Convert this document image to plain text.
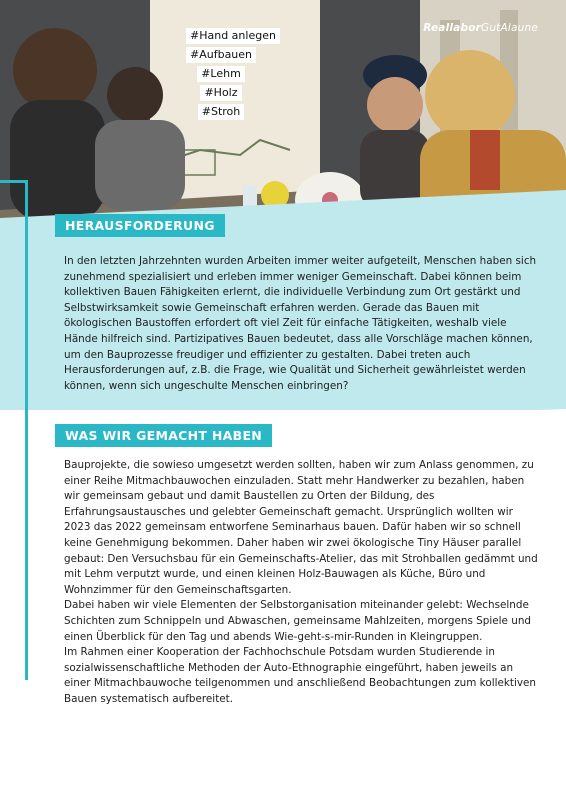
#Hand anlegen
#Aufbauen
#Lehm
#Holz
#Stroh
ReallaborGutAlaune
HERAUSFORDERUNG

In den letzten Jahrzehnten wurden Arbeiten immer weiter aufgeteilt, Menschen haben sich zunehmend spezialisiert und erleben immer weniger Gemeinschaft. Dabei können beim kollektiven Bauen Fähigkeiten erlernt, die individuelle Verbindung zum Ort gestärkt und Selbstwirksamkeit sowie Gemeinschaft erfahren werden. Gerade das Bauen mit ökologischen Baustoffen erfordert oft viel Zeit für einfache Tätigkeiten, weshalb viele Hände hilfreich sind. Partizipatives Bauen bedeutet, dass alle Vorschläge machen können, um den Bauprozesse freudiger und effizienter zu gestalten. Dabei treten auch Herausforderungen auf, z.B. die Frage, wie Qualität und Sicherheit gewährleistet werden können, wenn sich ungeschulte Menschen einbringen?

WAS WIR GEMACHT HABEN

Bauprojekte, die sowieso umgesetzt werden sollten, haben wir zum Anlass genommen, zu einer Reihe Mitmachbauwochen einzuladen. Statt mehr Handwerker zu bezahlen, haben wir gemeinsam gebaut und damit Baustellen zu Orten der Bildung, des Erfahrungsaustausches und gelebter Gemeinschaft gemacht. Ursprünglich wollten wir 2023 das 2022 gemeinsam entworfene Seminarhaus bauen. Dafür haben wir so schnell keine Genehmigung bekommen. Daher haben wir zwei ökologische Tiny Häuser parallel gebaut: Den Versuchsbau für ein Gemeinschafts-Atelier, das mit Strohballen gedämmt und mit Lehm verputzt wurde, und einen kleinen Holz-Bauwagen als Küche, Büro und Wohnzimmer für den Gemeinschaftsgarten.

Dabei haben wir viele Elementen der Selbstorganisation miteinander gelebt: Wechselnde Schichten zum Schnippeln und Abwaschen, gemeinsame Mahlzeiten, morgens Spiele und einen Überblick für den Tag und abends Wie-geht-s-mir-Runden in Kleingruppen.

Im Rahmen einer Kooperation der Fachhochschule Potsdam wurden Studierende in sozialwissenschaftliche Methoden der Auto-Ethnographie eingeführt, haben jeweils an einer Mitmachbauwoche teilgenommen und anschließend Beobachtungen zum kollektiven Bauen systematisch aufbereitet.
